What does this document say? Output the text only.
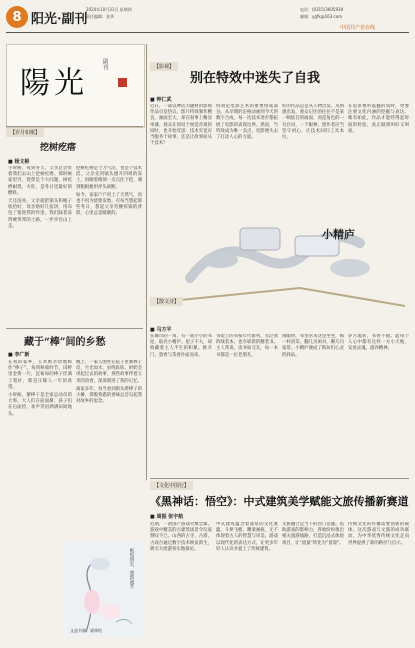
8 阳光·副刊
2024年10月31日 星期四
责任编辑：张华
电话：(0315)3605939
邮箱：ygfk@163.com
中国共产党在线
陽光
副刊	【影视】
别在特效中迷失了自我
■ 钟仁武

近日，一部以神话为题材的影视作品引发热议。影片特效制作精良，画面宏大，却在叙事上略显单薄。观众在惊叹于视觉奇观的同时，也开始反思：技术究竟应当服务于故事，还是让故事屈从于技术？

特效是电影艺术的重要组成部分。从早期的定格动画到今天的数字合成，每一次技术进步都拓展了电影的表现边界。然而，当特效成为唯一卖点，电影便失去了打动人心的力量。

好的作品总是从人物出发，从情感出发。观众记住的往往不是某一帧炫目的画面，而是角色的一句台词、一个眼神。创作者应当坚守初心，让技术回归工具本位。

在追求视听震撼的同时，更要注重文化内涵的挖掘与表达。唯有如此，作品才能经得起时间的检验，真正做到叫好又叫座。

【岁月如歌】
挖树疙瘩
■ 杨文彬

小时候，每到冬天，父亲总会带着我们去山上挖树疙瘩。那时候家里穷，烧柴是个大问题，树疙瘩耐烧，火旺，是冬日里最好的燃料。

天还没亮，父亲就把镐头和绳子收拾好，母亲烙好几张饼，用布包了塞进我的怀里。我们踩着冻得硬邦邦的土路，一步步往山上走。

挖树疙瘩是个力气活，也是个技术活。父亲先用镐头刨开四周的冻土，再顺着根须一点点往下挖，遇到粗根便用斧头砍断。

如今，家家户户用上了天然气，再也不用为烧柴发愁。可每当想起那些冬日，想起父亲弯腰挥镐的背影，心里总是暖暖的。

小精庐
【散文诗】
■ 马方平

在城市的一角，有一间小小的书屋，取名小精庐。屋子不大，却收藏着主人半生的积累。推开门，墨香与茶香扑面而来。

书架上的书按年代排列，有泛黄的线装本，也有崭新的精装书。主人常说，读书如交友，每一本书都是一位老朋友。

闲暇时，邻里常来这里坐坐，喝一杯清茶，翻几页闲书，聊几句家常。小精庐便成了街坊们心灵的驿站。

岁月流转，书香不散。愿每个人心中都有这样一方小天地，安放灵魂，滋养精神。

藏于“棒”间的乡愁
■ 李广新

在我的家乡，玉米被亲切地称作“棒子”。每到秋收时节，田野里金黄一片，沉甸甸的棒子挂满了秸秆，那是庄稼人一年的希望。

小时候，掰棒子是全家总动员的大事。大人们在前面掰，孩子们在后面捡，欢声笑语洒满田间地头。

晚上，一家人围坐在院子里剥棒子皮，月光如水，虫鸣阵阵。奶奶会讲起过去的故事，那些故事伴着玉米的清香，深深刻进了我的记忆。

离家多年，每当看到街头烤棒子的小摊，那股熟悉的香味总会勾起我对故乡的思念。

【文化中国行】
《黑神话：悟空》：中式建筑美学赋能文旅传播新赛道
■ 周振 张宇航

近期，一款国产游戏火爆全球，游戏中精美的古建筑场景令玩家赞叹不已。山西的古寺、古塔、古戏台通过数字技术焕发新生，吸引大批游客实地探访。

中式建筑蕴含着深厚的文化底蕴，斗拱飞檐、雕梁画栋，无不体现着古人的智慧与审美。游戏以现代化的表达方式，让更多年轻人认识并爱上了传统建筑。

文旅融合是当下的热门话题。借助游戏的影响力，各地纷纷推出相关旅游线路，打造沉浸式体验项目，让“流量”转化为“留量”。

传统文化的传播需要创新的载体。这次游戏与文旅的成功联动，为中华优秀传统文化走向世界提供了新的路径与启示。

纸短情长，墨韵流芳
文益书画　梁林绘
